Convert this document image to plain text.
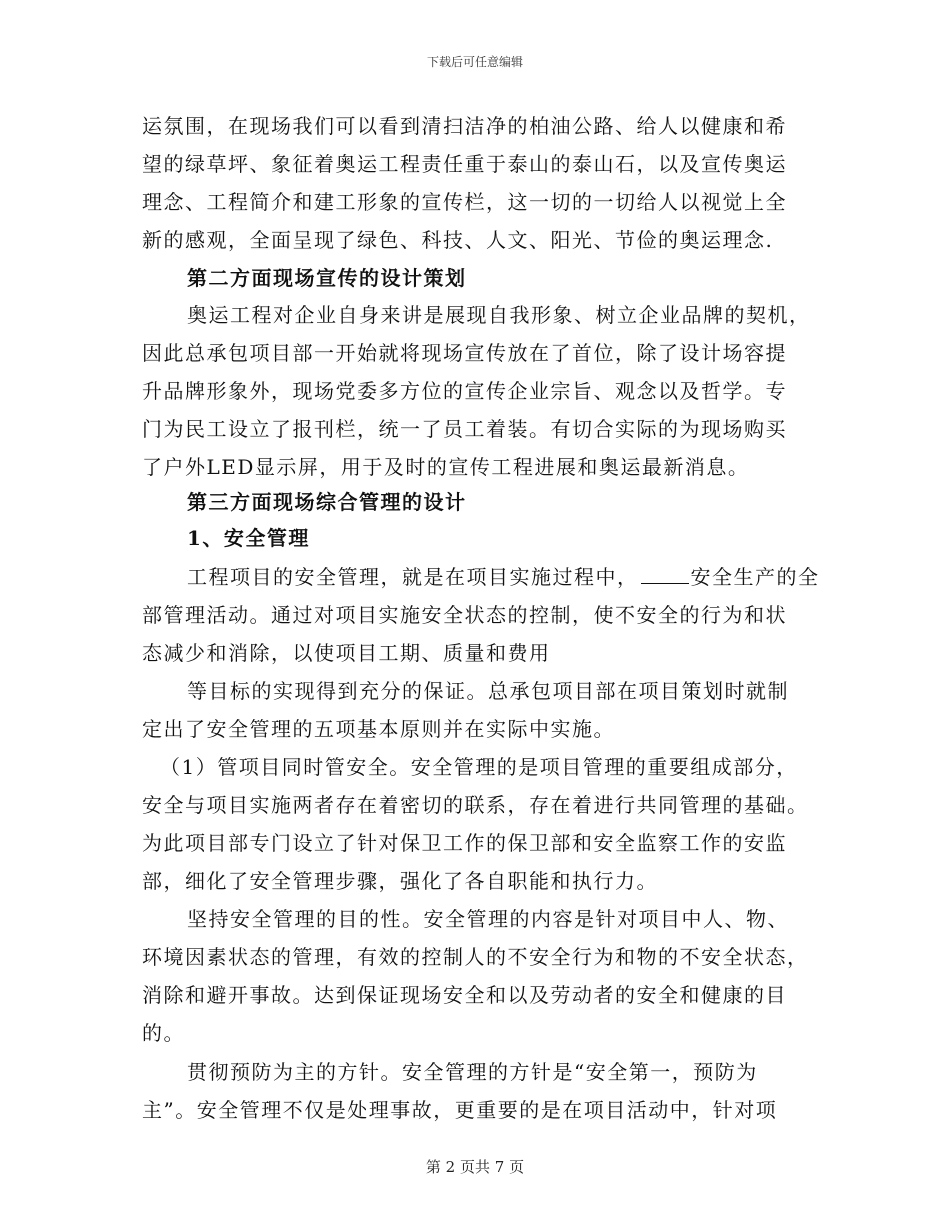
下载后可任意编辑
运氛围，在现场我们可以看到清扫洁净的柏油公路、给人以健康和希
望的绿草坪、象征着奥运工程责任重于泰山的泰山石，以及宣传奥运
理念、工程简介和建工形象的宣传栏，这一切的一切给人以视觉上全
新的感观，全面呈现了绿色、科技、人文、阳光、节俭的奥运理念.
第二方面现场宣传的设计策划
奥运工程对企业自身来讲是展现自我形象、树立企业品牌的契机，
因此总承包项目部一开始就将现场宣传放在了首位，除了设计场容提
升品牌形象外，现场党委多方位的宣传企业宗旨、观念以及哲学。专
门为民工设立了报刊栏，统一了员工着装。有切合实际的为现场购买
了户外LED显示屏，用于及时的宣传工程进展和奥运最新消息。
第三方面现场综合管理的设计
1、安全管理
工程项目的安全管理，就是在项目实施过程中，	安全生产的全
部管理活动。通过对项目实施安全状态的控制，使不安全的行为和状
态减少和消除，以使项目工期、质量和费用
等目标的实现得到充分的保证。总承包项目部在项目策划时就制
定出了安全管理的五项基本原则并在实际中实施。
（1）管项目同时管安全。安全管理的是项目管理的重要组成部分，
安全与项目实施两者存在着密切的联系，存在着进行共同管理的基础。
为此项目部专门设立了针对保卫工作的保卫部和安全监察工作的安监
部，细化了安全管理步骤，强化了各自职能和执行力。
坚持安全管理的目的性。安全管理的内容是针对项目中人、物、
环境因素状态的管理，有效的控制人的不安全行为和物的不安全状态，
消除和避开事故。达到保证现场安全和以及劳动者的安全和健康的目
的。
贯彻预防为主的方针。安全管理的方针是“安全第一，预防为
主”。安全管理不仅是处理事故，更重要的是在项目活动中，针对项
第 2 页共 7 页
